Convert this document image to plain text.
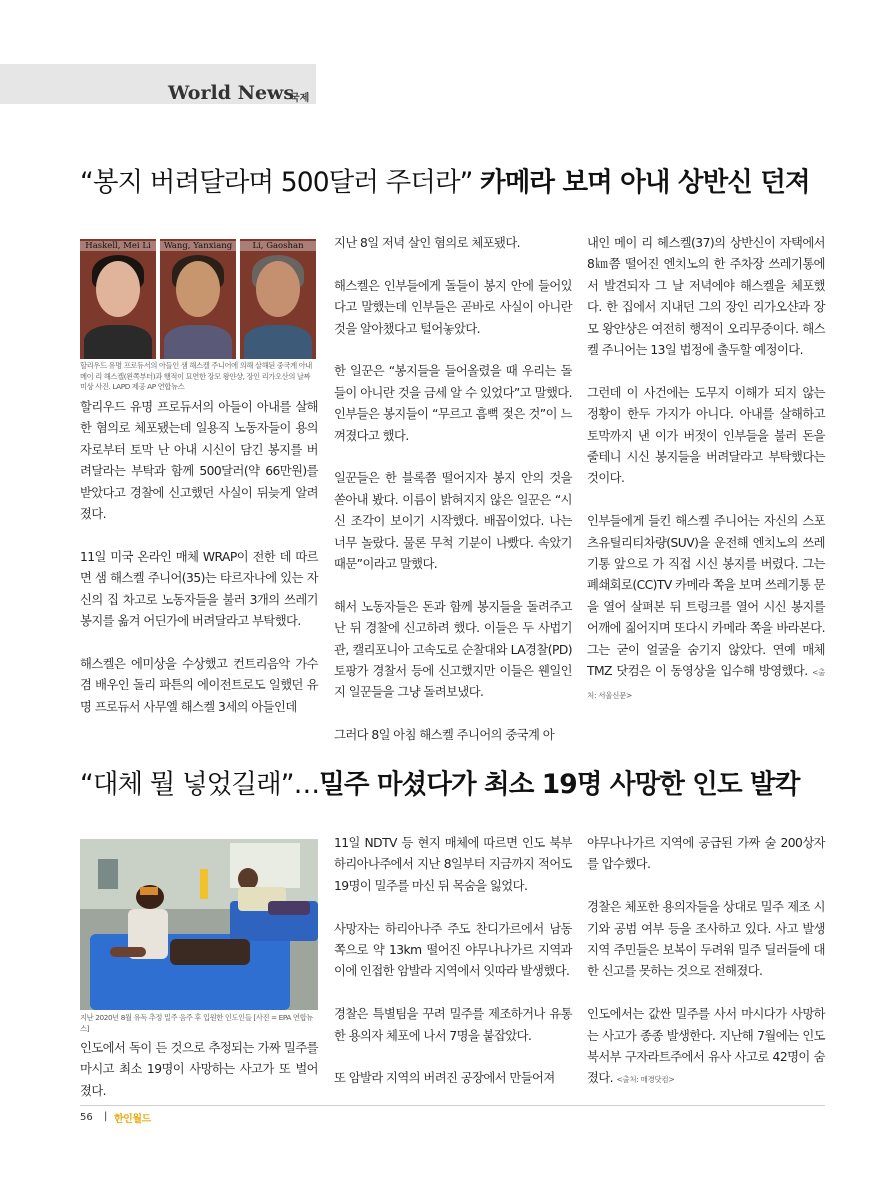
World News
국제
“봉지 버려달라며 500달러 주더라” 카메라 보며 아내 상반신 던져
Haskell, Mei Li	Wang, Yanxiang	Li, Gaoshan
할리우드 유명 프로듀서의 아들인 샘 해스켈 주니어에 의해 살해된 중국계 아내 메이 리 해스켈(왼쪽부터)과 행적이 묘연한 장모 왕얀샹, 장인 리가오산의 날짜 미상 사진. LAPD 제공 AP 연합뉴스

할리우드 유명 프로듀서의 아들이 아내를 살해한 혐의로 체포됐는데 일용직 노동자들이 용의자로부터 토막 난 아내 시신이 담긴 봉지를 버려달라는 부탁과 함께 500달러(약 66만원)를 받았다고 경찰에 신고했던 사실이 뒤늦게 알려졌다.

11일 미국 온라인 매체 WRAP이 전한 데 따르면 샘 해스켈 주니어(35)는 타르자나에 있는 자신의 집 차고로 노동자들을 불러 3개의 쓰레기 봉지를 옮겨 어딘가에 버려달라고 부탁했다.

해스켈은 에미상을 수상했고 컨트리음악 가수 겸 배우인 돌리 파튼의 에이전트로도 일했던 유명 프로듀서 사무엘 해스켈 3세의 아들인데

지난 8일 저녁 살인 혐의로 체포됐다.

해스켈은 인부들에게 돌들이 봉지 안에 들어있다고 말했는데 인부들은 곧바로 사실이 아니란 것을 알아챘다고 털어놓았다.

한 일꾼은 “봉지들을 들어올렸을 때 우리는 돌들이 아니란 것을 금세 알 수 있었다”고 말했다. 인부들은 봉지들이 “무르고 흠뻑 젖은 것”이 느껴졌다고 했다.

일꾼들은 한 블록쯤 떨어지자 봉지 안의 것을 쏟아내 봤다. 이름이 밝혀지지 않은 일꾼은 “시신 조각이 보이기 시작했다. 배꼽이었다. 나는 너무 놀랐다. 물론 무척 기분이 나빴다. 속았기 때문”이라고 말했다.

해서 노동자들은 돈과 함께 봉지들을 돌려주고 난 뒤 경찰에 신고하려 했다. 이들은 두 사법기관, 캘리포니아 고속도로 순찰대와 LA경찰(PD) 토팡가 경찰서 등에 신고했지만 이들은 웬일인지 일꾼들을 그냥 돌려보냈다.

그러다 8일 아침 해스켈 주니어의 중국계 아

내인 메이 리 헤스켈(37)의 상반신이 자택에서 8㎞쯤 떨어진 엔치노의 한 주차장 쓰레기통에서 발견되자 그 날 저녁에야 해스켈을 체포했다. 한 집에서 지내던 그의 장인 리가오샨과 장모 왕얀샹은 여전히 행적이 오리무중이다. 해스켈 주니어는 13일 법정에 출두할 예정이다.

그런데 이 사건에는 도무지 이해가 되지 않는 정황이 한두 가지가 아니다. 아내를 살해하고 토막까지 낸 이가 버젓이 인부들을 불러 돈을 줄테니 시신 봉지들을 버려달라고 부탁했다는 것이다.

인부들에게 들킨 해스켈 주니어는 자신의 스포츠유틸리티차량(SUV)을 운전해 엔치노의 쓰레기통 앞으로 가 직접 시신 봉지를 버렸다. 그는 폐쇄회로(CC)TV 카메라 쪽을 보며 쓰레기통 문을 열어 살펴본 뒤 트렁크를 열어 시신 봉지를 어깨에 짊어지며 또다시 카메라 쪽을 바라본다. 그는 굳이 얼굴을 숨기지 않았다. 연예 매체 TMZ 닷컴은 이 동영상을 입수해 방영했다. <출처: 서울신문>

“대체 뭘 넣었길래”…밀주 마셨다가 최소 19명 사망한 인도 발칵
지난 2020년 8월 유독 추정 밀주 음주 후 입원한 인도인들 [사진 = EPA 연합뉴스]

인도에서 독이 든 것으로 추정되는 가짜 밀주를 마시고 최소 19명이 사망하는 사고가 또 벌어졌다.

11일 NDTV 등 현지 매체에 따르면 인도 북부 하리아나주에서 지난 8일부터 지금까지 적어도 19명이 밀주를 마신 뒤 목숨을 잃었다.

사망자는 하리아나주 주도 찬디가르에서 남동쪽으로 약 13km 떨어진 야무나나가르 지역과 이에 인접한 암발라 지역에서 잇따라 발생했다.

경찰은 특별팀을 꾸려 밀주를 제조하거나 유통한 용의자 체포에 나서 7명을 붙잡았다.

또 암발라 지역의 버려진 공장에서 만들어져

야무나나가르 지역에 공급된 가짜 술 200상자를 압수했다.

경찰은 체포한 용의자들을 상대로 밀주 제조 시기와 공범 여부 등을 조사하고 있다. 사고 발생 지역 주민들은 보복이 두려워 밀주 딜러들에 대한 신고를 못하는 것으로 전해졌다.

인도에서는 값싼 밀주를 사서 마시다가 사망하는 사고가 종종 발생한다. 지난해 7월에는 인도 북서부 구자라트주에서 유사 사고로 42명이 숨졌다. <출처: 매경닷컴>

56 | 한인월드
